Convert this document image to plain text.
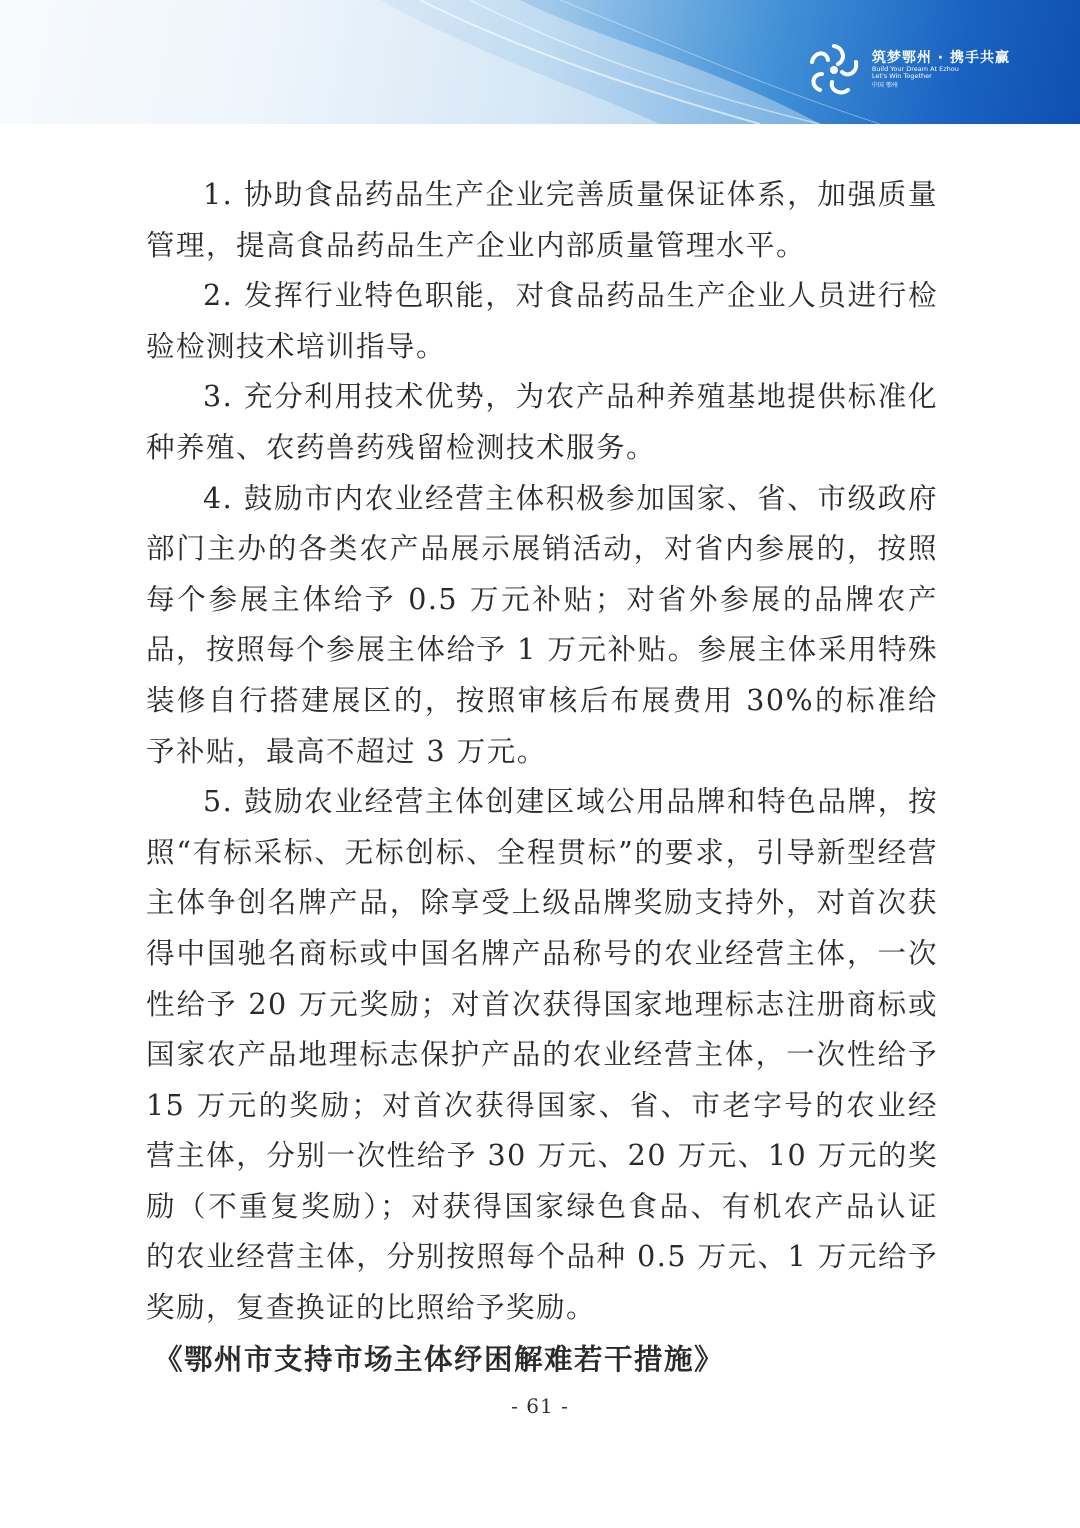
筑梦鄂州 · 携手共赢
Build Your Dream At Ezhou
Let's Win Together
中国 鄂州

1. 协助食品药品生产企业完善质量保证体系，加强质量管理，提高食品药品生产企业内部质量管理水平。

2. 发挥行业特色职能，对食品药品生产企业人员进行检验检测技术培训指导。

3. 充分利用技术优势，为农产品种养殖基地提供标准化种养殖、农药兽药残留检测技术服务。

4. 鼓励市内农业经营主体积极参加国家、省、市级政府部门主办的各类农产品展示展销活动，对省内参展的，按照每个参展主体给予 0.5 万元补贴；对省外参展的品牌农产品，按照每个参展主体给予 1 万元补贴。参展主体采用特殊装修自行搭建展区的，按照审核后布展费用 30%的标准给予补贴，最高不超过 3 万元。

5. 鼓励农业经营主体创建区域公用品牌和特色品牌，按照“有标采标、无标创标、全程贯标”的要求，引导新型经营主体争创名牌产品，除享受上级品牌奖励支持外，对首次获得中国驰名商标或中国名牌产品称号的农业经营主体，一次性给予 20 万元奖励；对首次获得国家地理标志注册商标或国家农产品地理标志保护产品的农业经营主体，一次性给予 15 万元的奖励；对首次获得国家、省、市老字号的农业经营主体，分别一次性给予 30 万元、20 万元、10 万元的奖励（不重复奖励）；对获得国家绿色食品、有机农产品认证的农业经营主体，分别按照每个品种 0.5 万元、1 万元给予奖励，复查换证的比照给予奖励。

《鄂州市支持市场主体纾困解难若干措施》

- 61 -
